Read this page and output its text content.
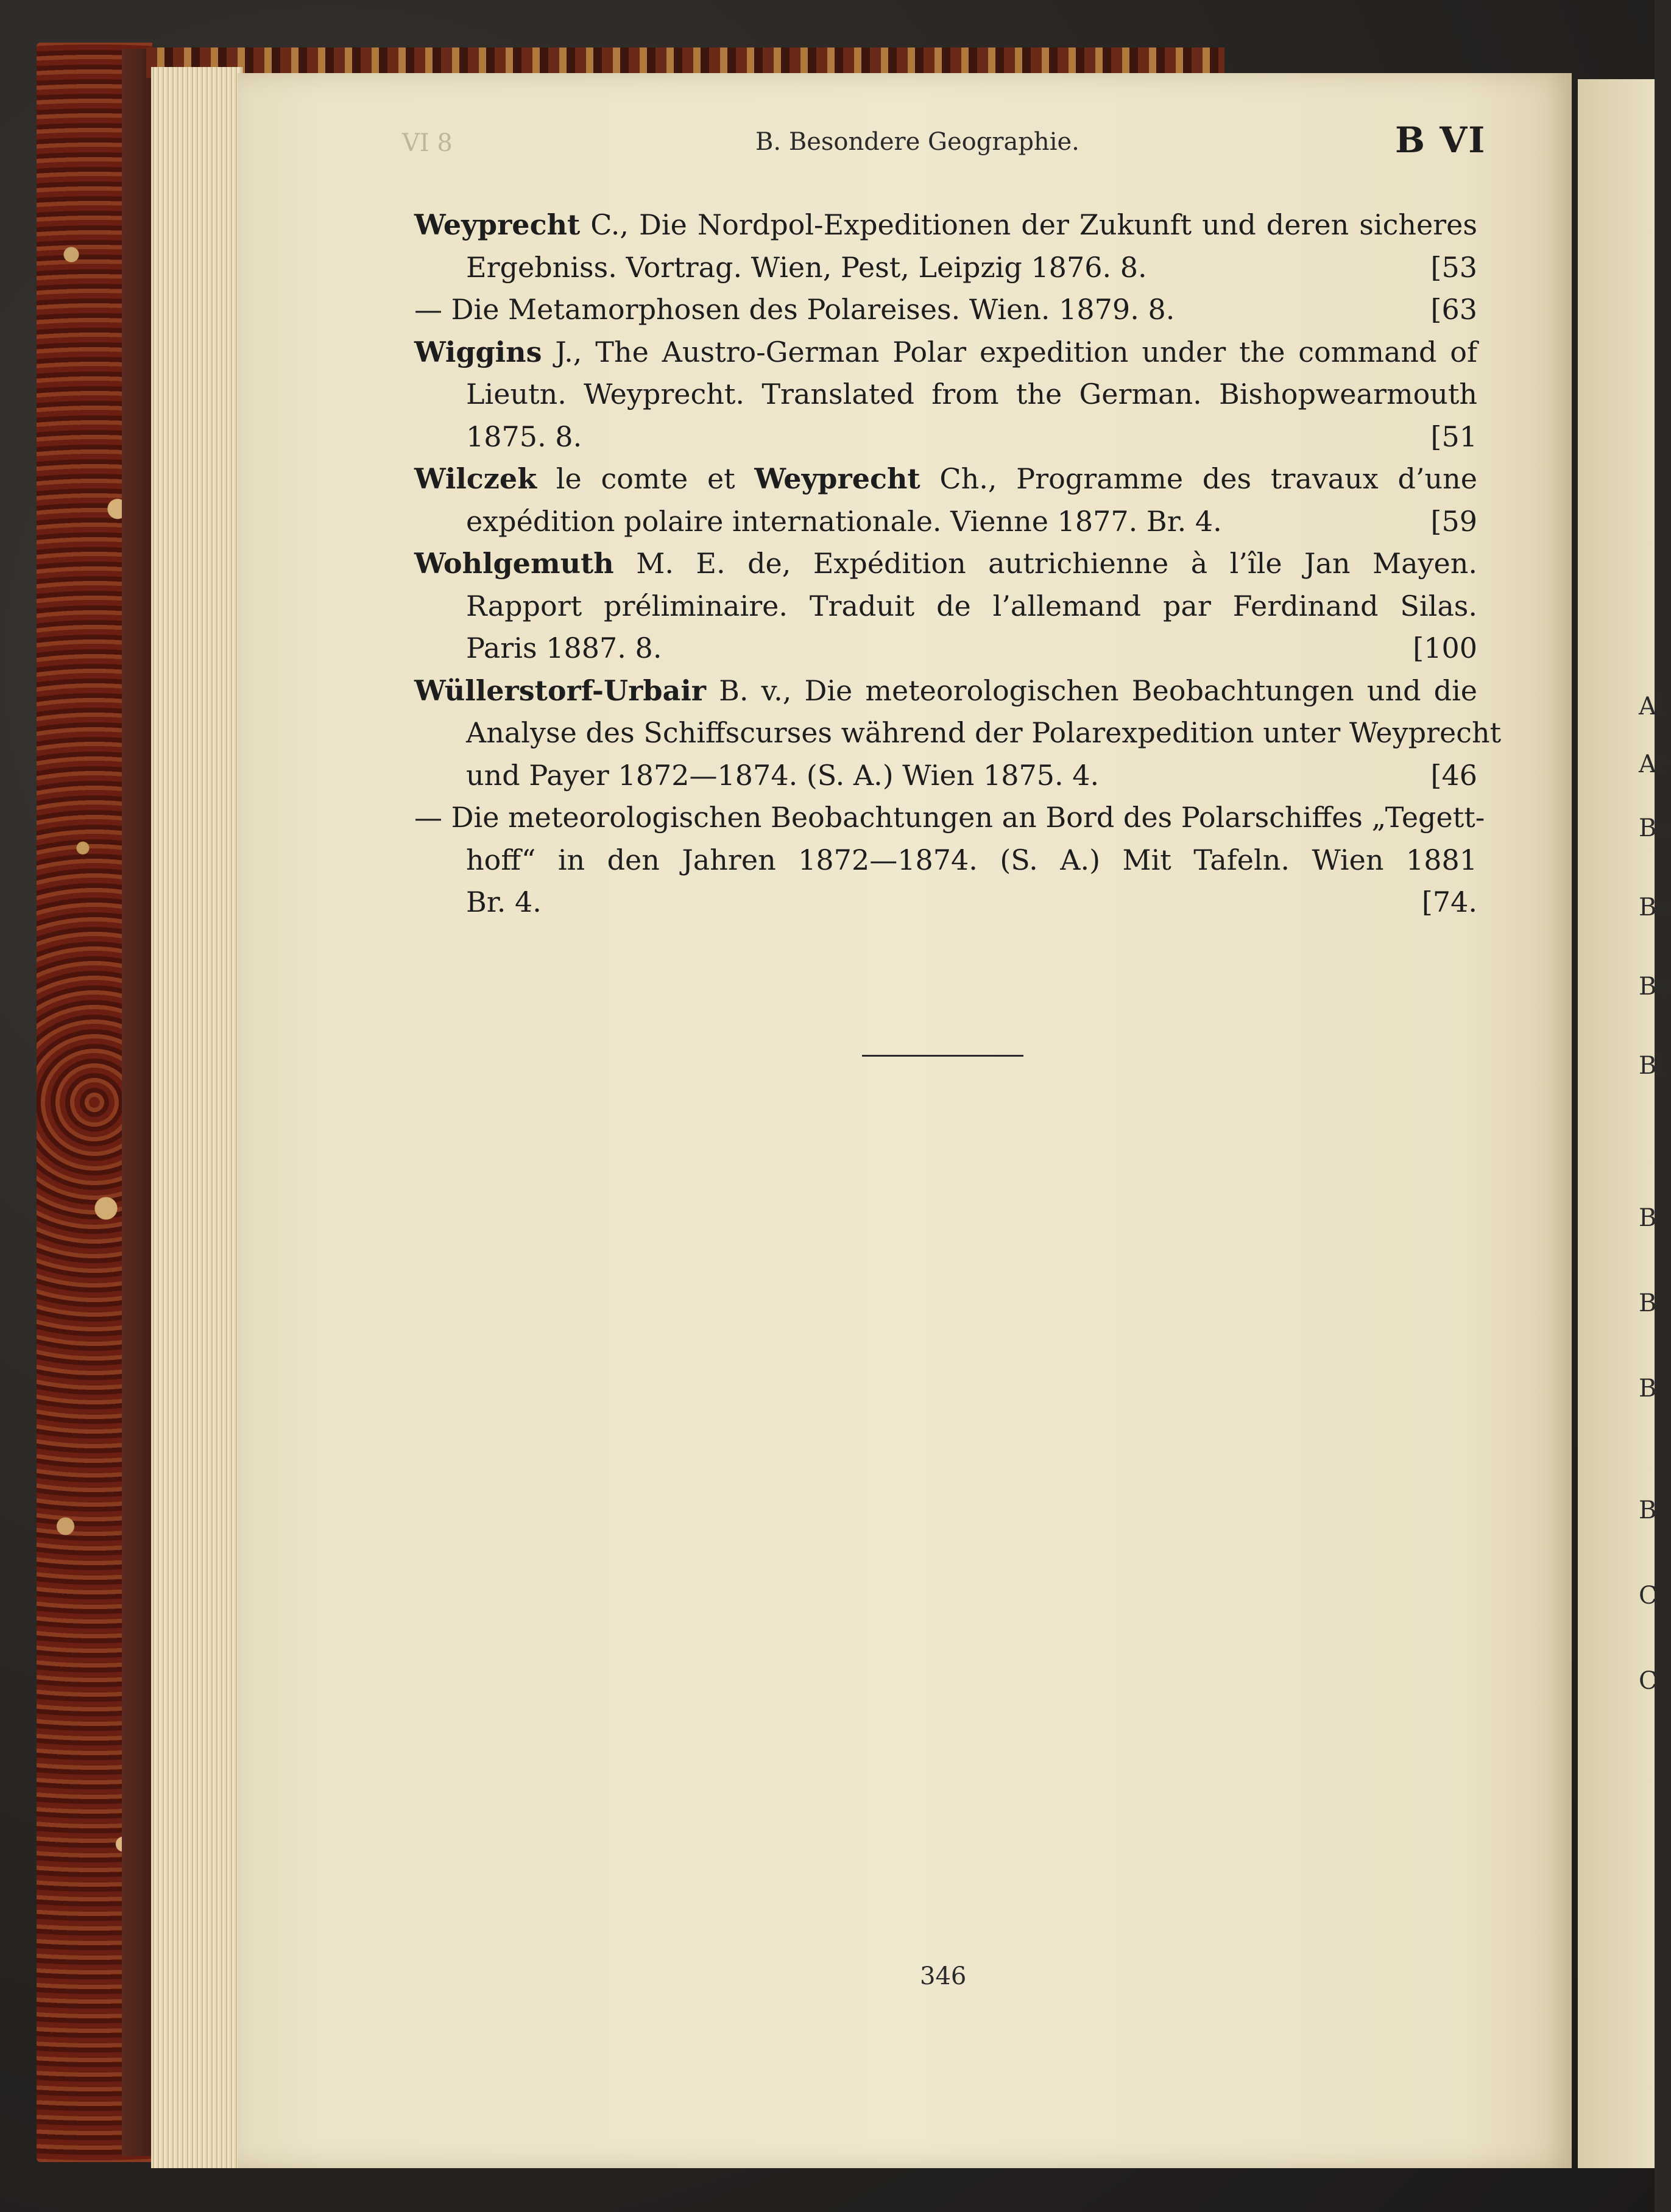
Al
Ar
Ba
Be
Be
Bi
B
B
B
B
C
C
VI 8	B. Besondere Geographie.	B VI
Weyprecht C., Die Nordpol-Expeditionen der Zukunft und deren sicheres
Ergebniss. Vortrag. Wien, Pest, Leipzig 1876. 8.	[53
— Die Metamorphosen des Polareises. Wien. 1879. 8.	[63
Wiggins J., The Austro-German Polar expedition under the command of
Lieutn. Weyprecht. Translated from the German. Bishopwearmouth
1875. 8.	[51
Wilczek le comte et Weyprecht Ch., Programme des travaux d’une
expédition polaire internationale. Vienne 1877. Br. 4.	[59
Wohlgemuth M. E. de, Expédition autrichienne à l’île Jan Mayen.
Rapport préliminaire. Traduit de l’allemand par Ferdinand Silas.
Paris 1887. 8.	[100
Wüllerstorf-Urbair B. v., Die meteorologischen Beobachtungen und die
Analyse des Schiffscurses während der Polarexpedition unter Weyprecht
und Payer 1872—1874. (S. A.) Wien 1875. 4.	[46
— Die meteorologischen Beobachtungen an Bord des Polarschiffes „Tegett-
hoff“ in den Jahren 1872—1874. (S. A.) Mit Tafeln. Wien 1881
Br. 4.	[74.
346
